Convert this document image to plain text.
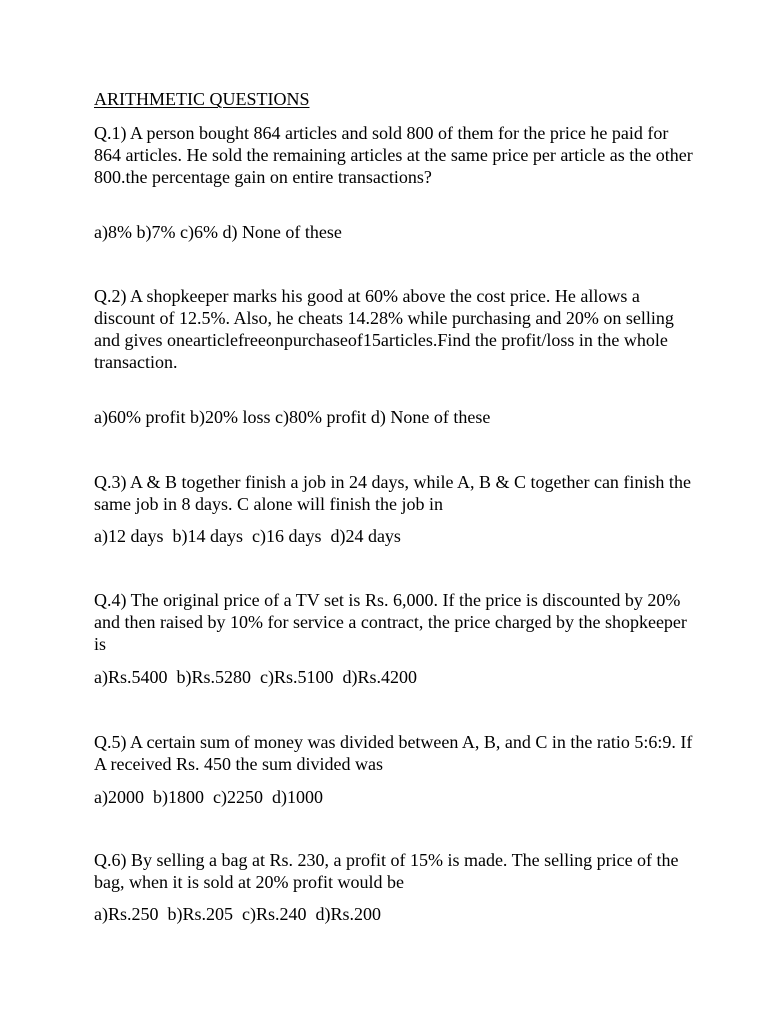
ARITHMETIC QUESTIONS
Q.1) A person bought 864 articles and sold 800 of them for the price he paid for 864 articles. He sold the remaining articles at the same price per article as the other 800.the percentage gain on entire transactions?
a)8% b)7% c)6% d) None of these
Q.2) A shopkeeper marks his good at 60% above the cost price. He allows a discount of 12.5%. Also, he cheats 14.28% while purchasing and 20% on selling and gives onearticlefreeonpurchaseof15articles.Find the profit/loss in the whole transaction.
a)60% profit b)20% loss c)80% profit d) None of these
Q.3) A & B together finish a job in 24 days, while A, B & C together can finish the same job in 8 days. C alone will finish the job in
a)12 days  b)14 days  c)16 days  d)24 days
Q.4) The original price of a TV set is Rs. 6,000. If the price is discounted by 20% and then raised by 10% for service a contract, the price charged by the shopkeeper is
a)Rs.5400  b)Rs.5280  c)Rs.5100  d)Rs.4200
Q.5) A certain sum of money was divided between A, B, and C in the ratio 5:6:9. If A received Rs. 450 the sum divided was
a)2000  b)1800  c)2250  d)1000
Q.6) By selling a bag at Rs. 230, a profit of 15% is made. The selling price of the bag, when it is sold at 20% profit would be
a)Rs.250  b)Rs.205  c)Rs.240  d)Rs.200
